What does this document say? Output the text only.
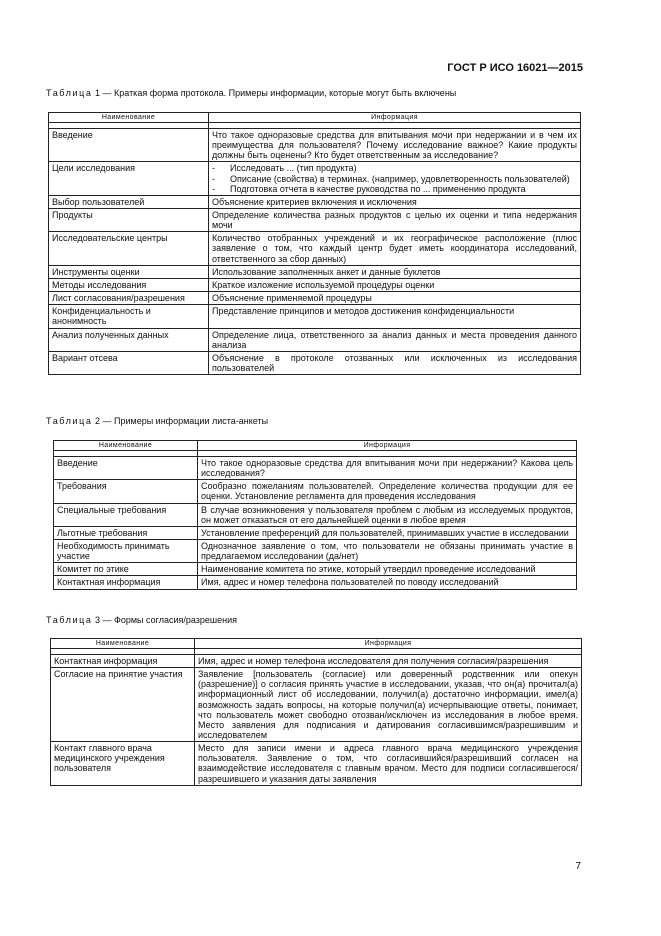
ГОСТ Р ИСО 16021—2015
Таблица 1 — Краткая форма протокола. Примеры информации, которые могут быть включены
Наименование	Информация

Введение	Что такое одноразовые средства для впитывания мочи при недержании и в чем их преимущества для пользователя? Почему исследование важное? Какие продукты должны быть оценены? Кто будет ответственным за исследование?
Цели исследования	- Исследовать ... (тип продукта)
- Описание (свойства) в терминах. (например, удовлетворенность пользователей)
- Подготовка отчета в качестве руководства по ... применению продукта

Выбор пользователей	Объяснение критериев включения и исключения
Продукты	Определение количества разных продуктов с целью их оценки и типа недержания мочи
Исследовательские центры	Количество отобранных учреждений и их географическое расположение (плюс заявление о том, что каждый центр будет иметь координатора исследований, ответственного за сбор данных)
Инструменты оценки	Использование заполненных анкет и данные буклетов
Методы исследования	Краткое изложение используемой процедуры оценки
Лист согласования/разрешения	Объяснение применяемой процедуры
Конфиденциальность и анонимность	Представление принципов и методов достижения конфиденциальности
Анализ полученных данных	Определение лица, ответственного за анализ данных и места проведения данного анализа
Вариант отсева	Объяснение в протоколе отозванных или исключенных из исследования пользователей
Таблица 2 — Примеры информации листа-анкеты
Наименование	Информация

Введение	Что такое одноразовые средства для впитывания мочи при недержании? Какова цель исследования?
Требования	Сообразно пожеланиям пользователей. Определение количества продукции для ее оценки. Установление регламента для проведения исследования
Специальные требования	В случае возникновения у пользователя проблем с любым из исследуемых продуктов, он может отказаться от его дальнейшей оценки в любое время
Льготные требования	Установление преференций для пользователей, принимавших участие в исследовании
Необходимость принимать участие	Однозначное заявление о том, что пользователи не обязаны принимать участие в предлагаемом исследовании (да/нет)
Комитет по этике	Наименование комитета по этике, который утвердил проведение исследований
Контактная информация	Имя, адрес и номер телефона пользователей по поводу исследований
Таблица 3 — Формы согласия/разрешения
Наименование	Информация

Контактная информация	Имя, адрес и номер телефона исследователя для получения согласия/разрешения
Согласие на принятие участия	Заявление [пользователь (согласие) или доверенный родственник или опекун (разрешение)] о согласия принять участие в исследовании, указав, что он(а) прочитал(а) информационный лист об исследовании, получил(а) достаточно информации, имел(а) возможность задать вопросы, на которые получил(а) исчерпывающие ответы, понимает, что пользователь может свободно отозван/исключен из исследования в любое время. Место заявления для подписания и датирования согласившимся/разрешившим и исследователем
Контакт главного врача медицинского учреждения пользователя	Место для записи имени и адреса главного врача медицинского учреждения пользователя. Заявление о том, что согласившийся/разрешивший согласен на взаимодействие исследователя с главным врачом. Место для подписи согласившегося/разрешившего и указания даты заявления
7
